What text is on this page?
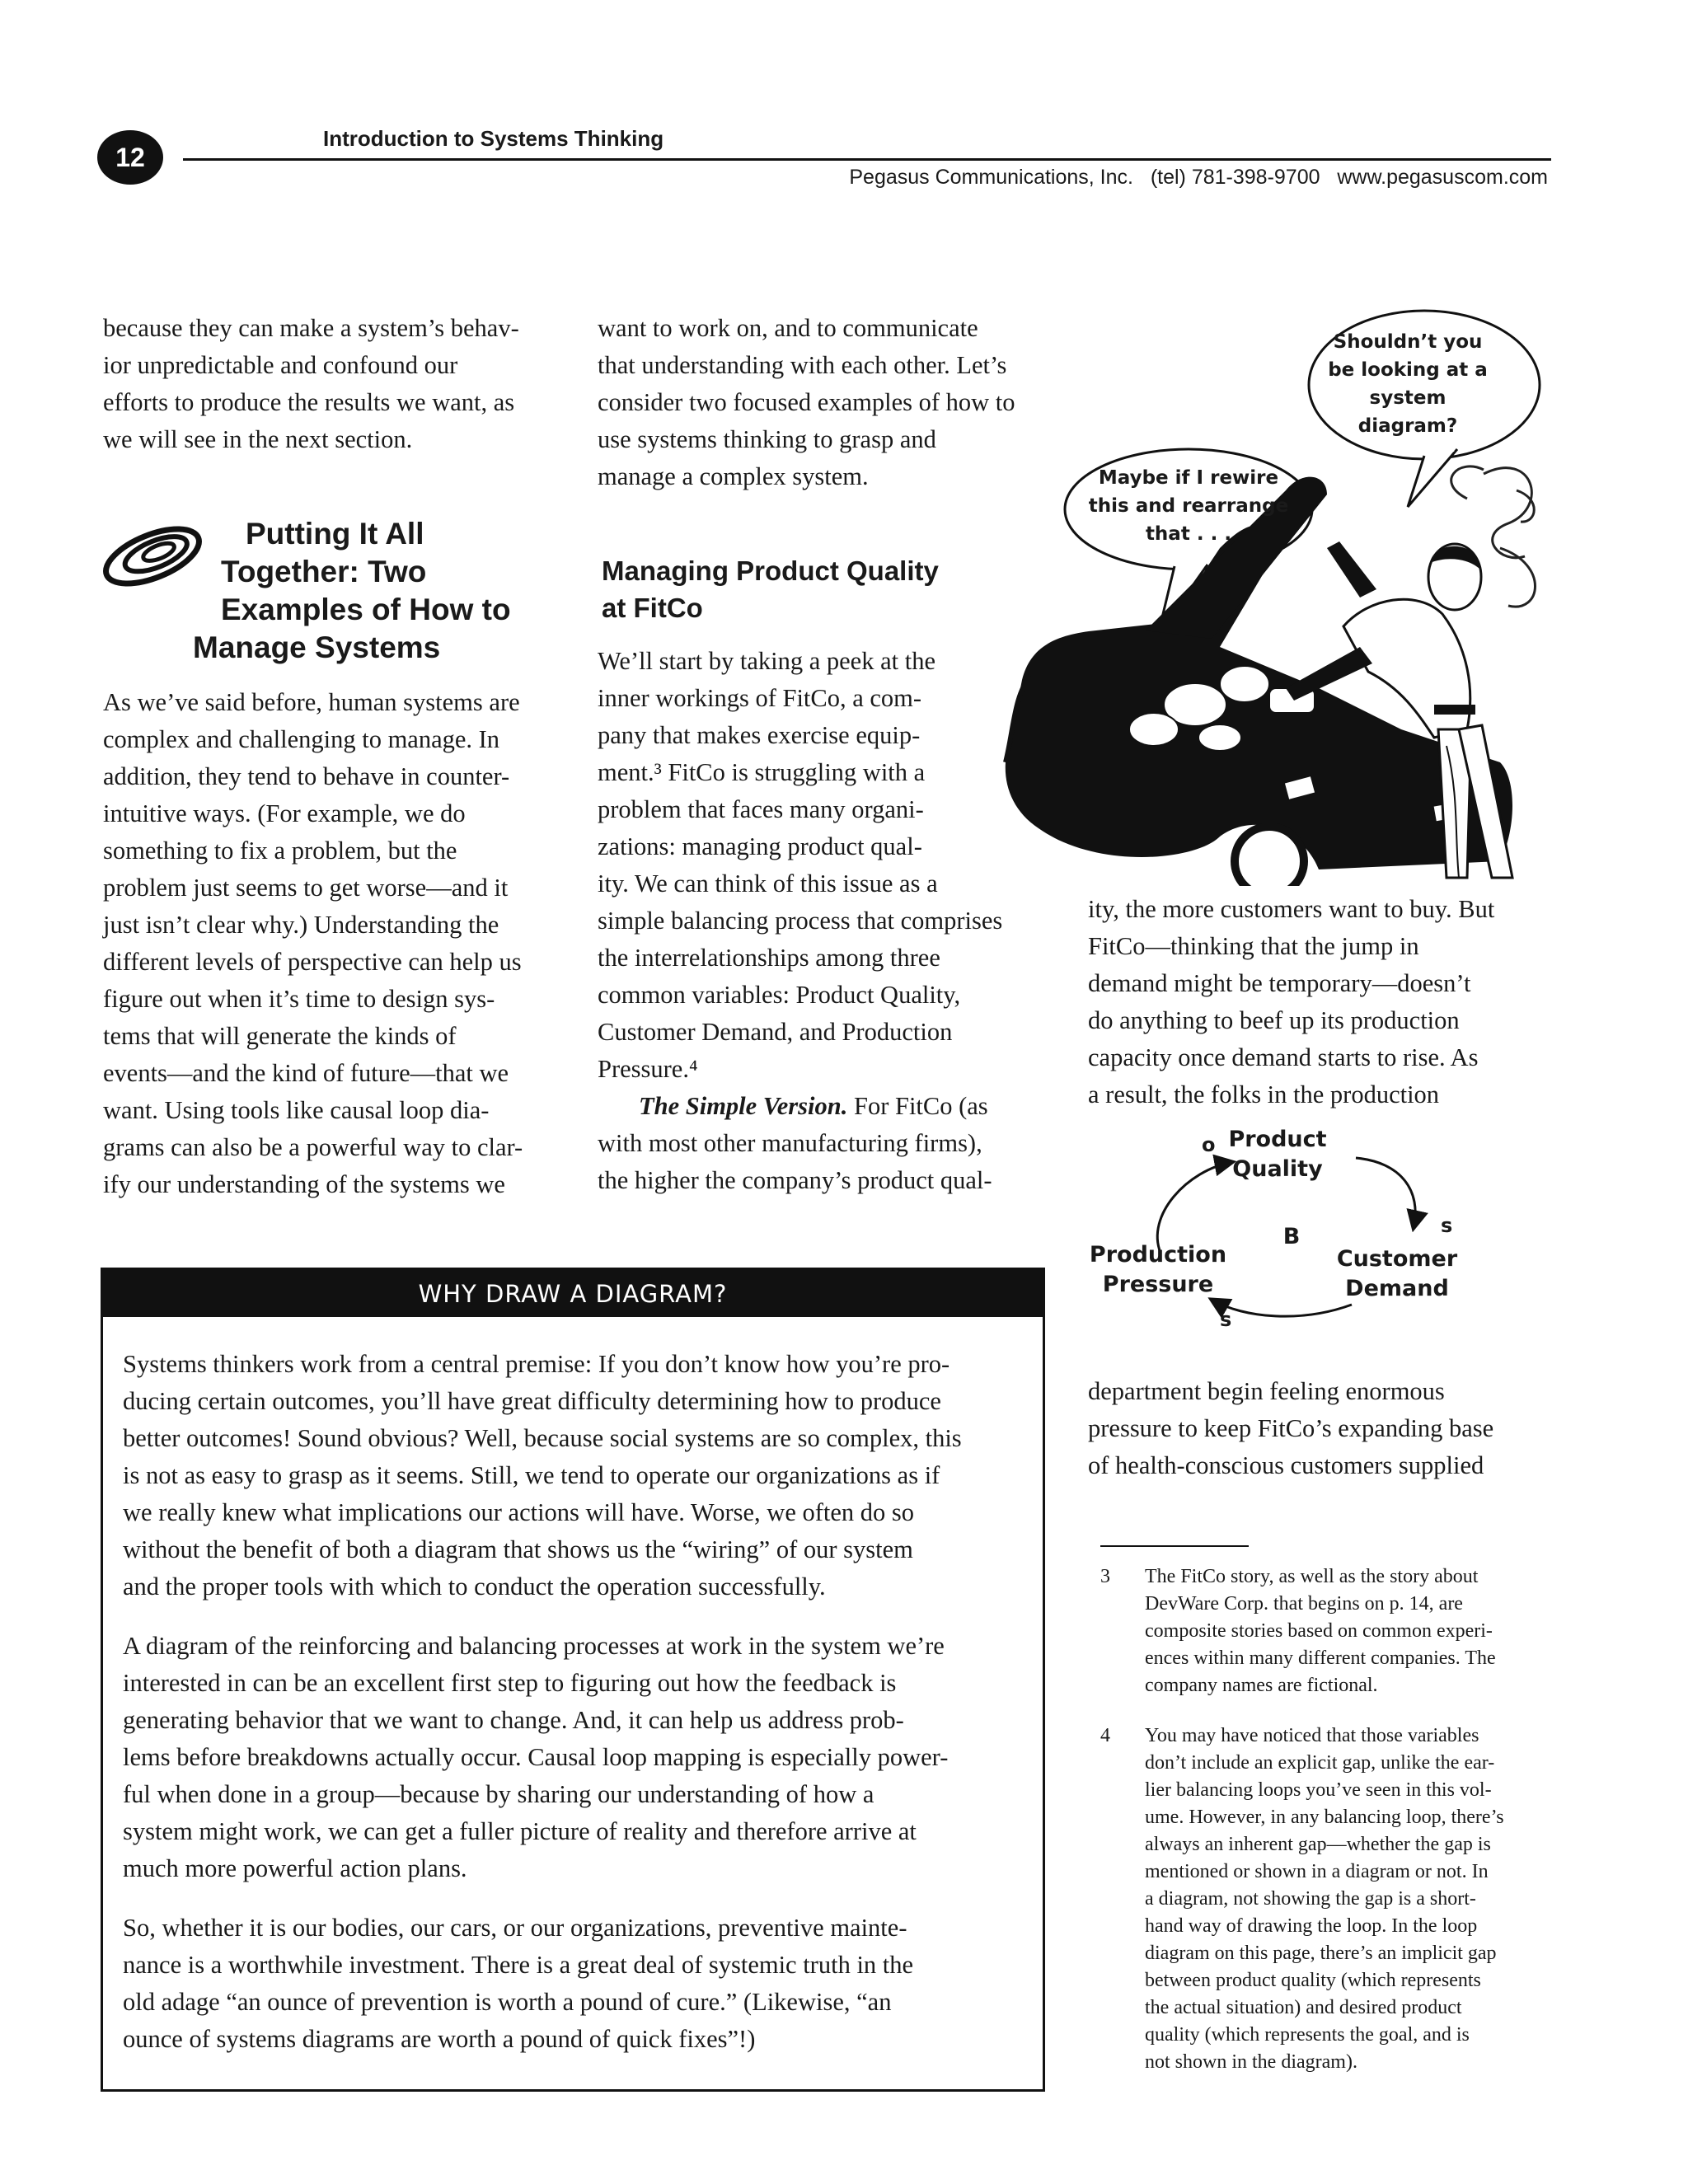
12
Introduction to Systems Thinking
Pegasus Communications, Inc.   (tel) 781-398-9700   www.pegasuscom.com
because they can make a system’s behav-
ior unpredictable and confound our
efforts to produce the results we want, as
we will see in the next section.
Putting It All
Together: Two
Examples of How to
Manage Systems
As we’ve said before, human systems are
complex and challenging to manage. In
addition, they tend to behave in counter-
intuitive ways. (For example, we do
something to fix a problem, but the
problem just seems to get worse—and it
just isn’t clear why.) Understanding the
different levels of perspective can help us
figure out when it’s time to design sys-
tems that will generate the kinds of
events—and the kind of future—that we
want. Using tools like causal loop dia-
grams can also be a powerful way to clar-
ify our understanding of the systems we
want to work on, and to communicate
that understanding with each other. Let’s
consider two focused examples of how to
use systems thinking to grasp and
manage a complex system.
Managing Product Quality
at FitCo
We’ll start by taking a peek at the
inner workings of FitCo, a com-
pany that makes exercise equip-
ment.³ FitCo is struggling with a
problem that faces many organi-
zations: managing product qual-
ity. We can think of this issue as a
simple balancing process that comprises
the interrelationships among three
common variables: Product Quality,
Customer Demand, and Production
Pressure.⁴
The Simple Version. For FitCo (as
with most other manufacturing firms),
the higher the company’s product qual-
Maybe if I rewire
this and rearrange
that . . .
Shouldn’t you
be looking at a
system
diagram?
ity, the more customers want to buy. But
FitCo—thinking that the jump in
demand might be temporary—doesn’t
do anything to beef up its production
capacity once demand starts to rise. As
a result, the folks in the production
Product
Quality
Customer
Demand
Production
Pressure
B	s
s
o
department begin feeling enormous
pressure to keep FitCo’s expanding base
of health-conscious customers supplied
3 The FitCo story, as well as the story about
DevWare Corp. that begins on p. 14, are
composite stories based on common experi-
ences within many different companies. The
company names are fictional.
4 You may have noticed that those variables
don’t include an explicit gap, unlike the ear-
lier balancing loops you’ve seen in this vol-
ume. However, in any balancing loop, there’s
always an inherent gap—whether the gap is
mentioned or shown in a diagram or not. In
a diagram, not showing the gap is a short-
hand way of drawing the loop. In the loop
diagram on this page, there’s an implicit gap
between product quality (which represents
the actual situation) and desired product
quality (which represents the goal, and is
not shown in the diagram).
WHY DRAW A DIAGRAM?

Systems thinkers work from a central premise: If you don’t know how you’re pro-
ducing certain outcomes, you’ll have great difficulty determining how to produce
better outcomes! Sound obvious? Well, because social systems are so complex, this
is not as easy to grasp as it seems. Still, we tend to operate our organizations as if
we really knew what implications our actions will have. Worse, we often do so
without the benefit of both a diagram that shows us the “wiring” of our system
and the proper tools with which to conduct the operation successfully.

A diagram of the reinforcing and balancing processes at work in the system we’re
interested in can be an excellent first step to figuring out how the feedback is
generating behavior that we want to change. And, it can help us address prob-
lems before breakdowns actually occur. Causal loop mapping is especially power-
ful when done in a group—because by sharing our understanding of how a
system might work, we can get a fuller picture of reality and therefore arrive at
much more powerful action plans.

So, whether it is our bodies, our cars, or our organizations, preventive mainte-
nance is a worthwhile investment. There is a great deal of systemic truth in the
old adage “an ounce of prevention is worth a pound of cure.” (Likewise, “an
ounce of systems diagrams are worth a pound of quick fixes”!)
